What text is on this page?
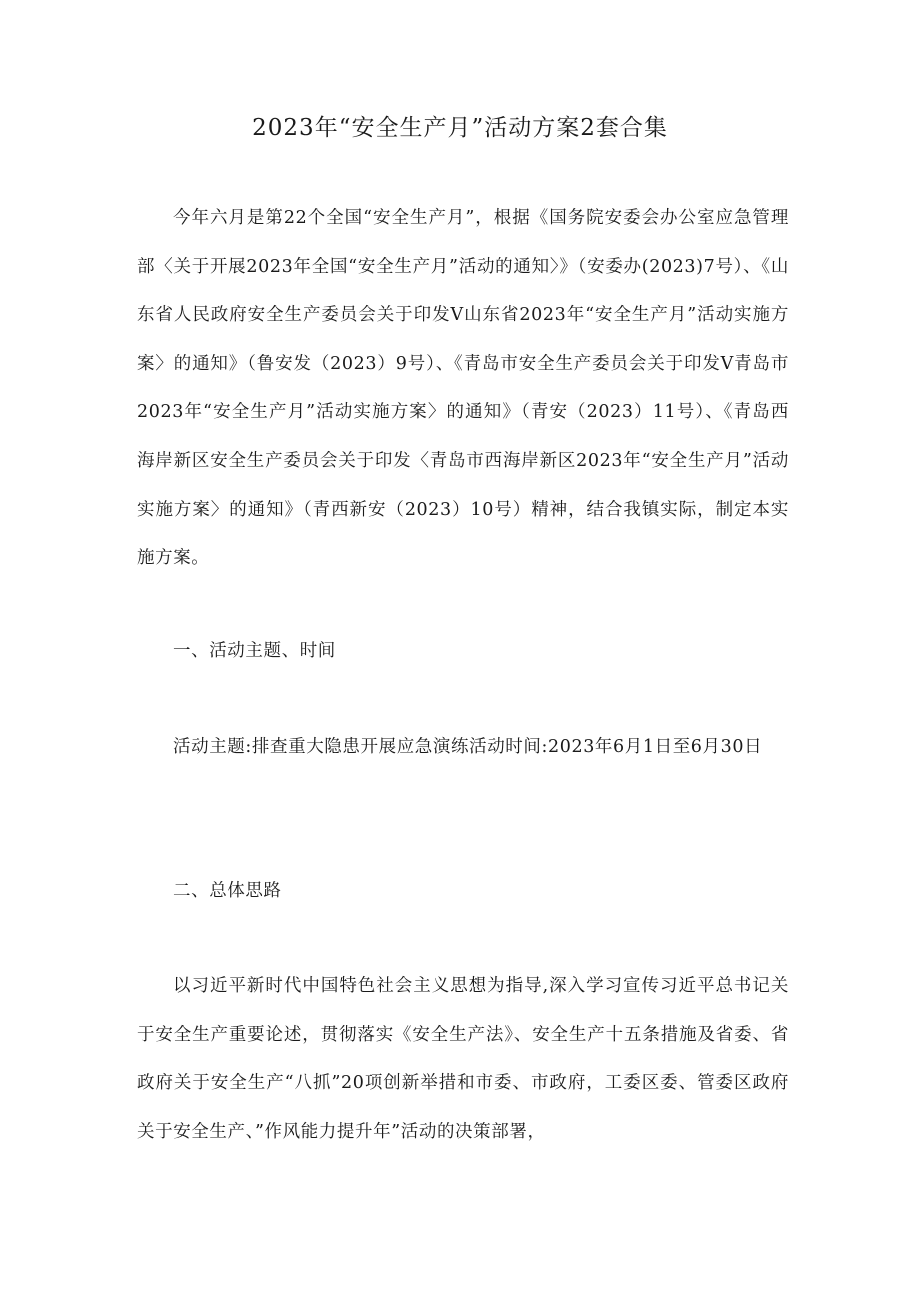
2023年“安全生产月”活动方案2套合集

今年六月是第22个全国“安全生产月”，根据《国务院安委会办公室应急管理部〈关于开展2023年全国“安全生产月”活动的通知〉》（安委办(2023)7号）、《山东省人民政府安全生产委员会关于印发V山东省2023年“安全生产月”活动实施方案〉的通知》（鲁安发（2023）9号）、《青岛市安全生产委员会关于印发V青岛市2023年“安全生产月”活动实施方案〉的通知》（青安（2023）11号）、《青岛西海岸新区安全生产委员会关于印发〈青岛市西海岸新区2023年“安全生产月”活动实施方案〉的通知》（青西新安（2023）10号）精神，结合我镇实际，制定本实施方案。

一、活动主题、时间

活动主题:排查重大隐患开展应急演练活动时间:2023年6月1日至6月30日

二、总体思路

以习近平新时代中国特色社会主义思想为指导,深入学习宣传习近平总书记关于安全生产重要论述，贯彻落实《安全生产法》、安全生产十五条措施及省委、省政府关于安全生产“八抓”20项创新举措和市委、市政府，工委区委、管委区政府关于安全生产、”作风能力提升年”活动的决策部署，
